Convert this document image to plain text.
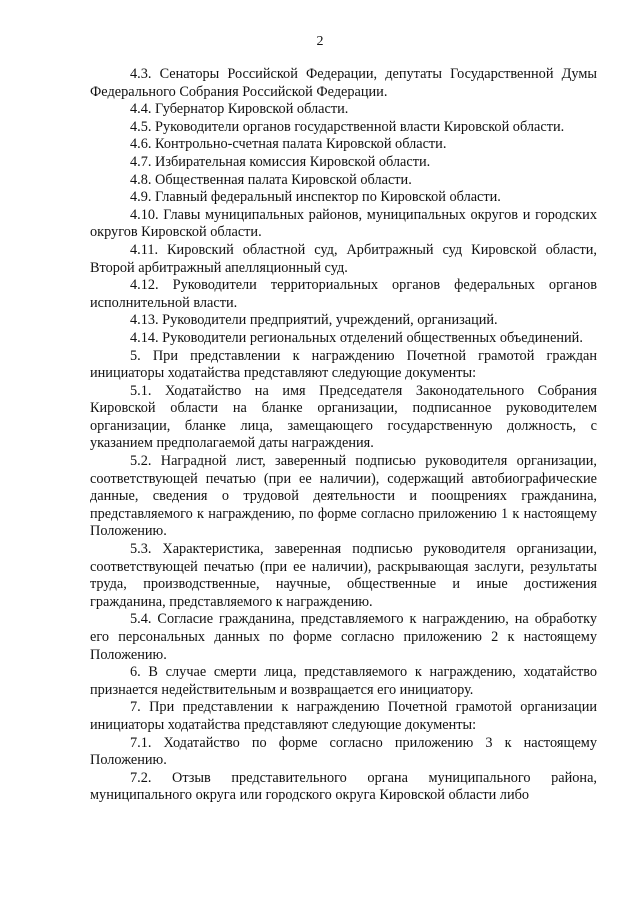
2

4.3. Сенаторы Российской Федерации, депутаты Государственной Думы Федерального Собрания Российской Федерации.

4.4. Губернатор Кировской области.

4.5. Руководители органов государственной власти Кировской области.

4.6. Контрольно-счетная палата Кировской области.

4.7. Избирательная комиссия Кировской области.

4.8. Общественная палата Кировской области.

4.9. Главный федеральный инспектор по Кировской области.

4.10. Главы муниципальных районов, муниципальных округов и городских округов Кировской области.

4.11. Кировский областной суд, Арбитражный суд Кировской области, Второй арбитражный апелляционный суд.

4.12. Руководители территориальных органов федеральных органов исполнительной власти.

4.13. Руководители предприятий, учреждений, организаций.

4.14. Руководители региональных отделений общественных объединений.

5. При представлении к награждению Почетной грамотой граждан инициаторы ходатайства представляют следующие документы:

5.1. Ходатайство на имя Председателя Законодательного Собрания Кировской области на бланке организации, подписанное руководителем организации, бланке лица, замещающего государственную должность, с указанием предполагаемой даты награждения.

5.2. Наградной лист, заверенный подписью руководителя организации, соответствующей печатью (при ее наличии), содержащий автобиографические данные, сведения о трудовой деятельности и поощрениях гражданина, представляемого к награждению, по форме согласно приложению 1 к настоящему Положению.

5.3. Характеристика, заверенная подписью руководителя организации, соответствующей печатью (при ее наличии), раскрывающая заслуги, результаты труда, производственные, научные, общественные и иные достижения гражданина, представляемого к награждению.

5.4. Согласие гражданина, представляемого к награждению, на обработку его персональных данных по форме согласно приложению 2 к настоящему Положению.

6. В случае смерти лица, представляемого к награждению, ходатайство признается недействительным и возвращается его инициатору.

7. При представлении к награждению Почетной грамотой организации инициаторы ходатайства представляют следующие документы:

7.1. Ходатайство по форме согласно приложению 3 к настоящему Положению.

7.2. Отзыв представительного органа муниципального района, муниципального округа или городского округа Кировской области либо
